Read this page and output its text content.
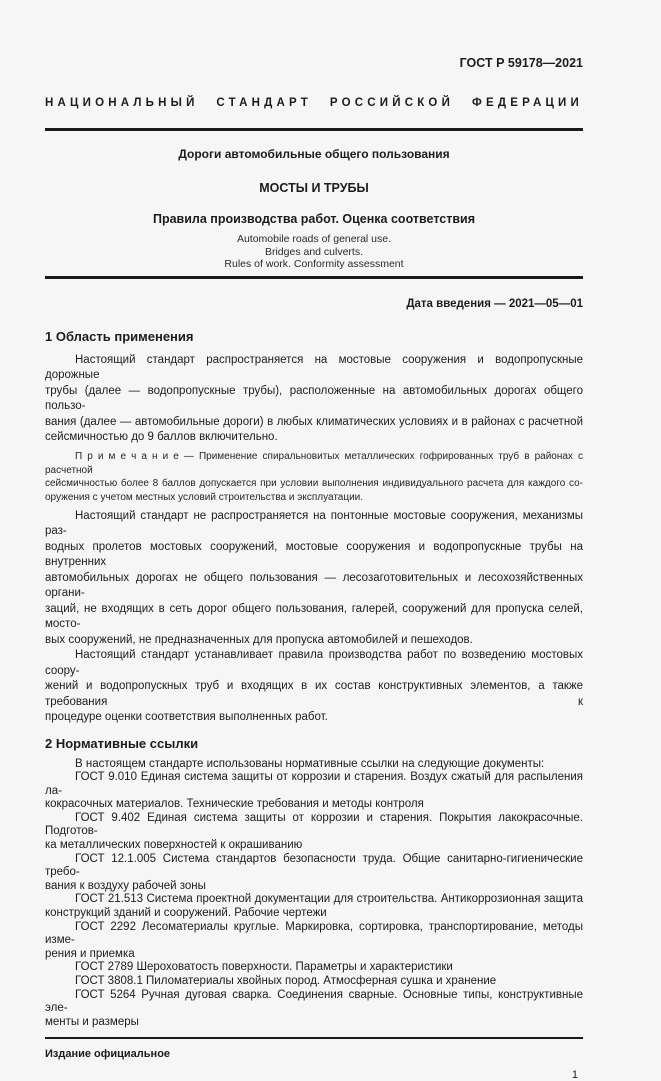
ГОСТ Р 59178—2021
НАЦИОНАЛЬНЫЙ СТАНДАРТ РОССИЙСКОЙ ФЕДЕРАЦИИ
Дороги автомобильные общего пользования
МОСТЫ И ТРУБЫ
Правила производства работ. Оценка соответствия
Automobile roads of general use.
Bridges and culverts.
Rules of work. Conformity assessment
Дата введения — 2021—05—01
1 Область применения
Настоящий стандарт распространяется на мостовые сооружения и водопропускные дорожные
трубы (далее — водопропускные трубы), расположенные на автомобильных дорогах общего пользо-
вания (далее — автомобильные дороги) в любых климатических условиях и в районах с расчетной
сейсмичностью до 9 баллов включительно.
П р и м е ч а н и е — Применение спиральновитых металлических гофрированных труб в районах с расчетной
сейсмичностью более 8 баллов допускается при условии выполнения индивидуального расчета для каждого со-
оружения с учетом местных условий строительства и эксплуатации.
Настоящий стандарт не распространяется на понтонные мостовые сооружения, механизмы раз-
водных пролетов мостовых сооружений, мостовые сооружения и водопропускные трубы на внутренних
автомобильных дорогах не общего пользования — лесозаготовительных и лесохозяйственных органи-
заций, не входящих в сеть дорог общего пользования, галерей, сооружений для пропуска селей, мосто-
вых сооружений, не предназначенных для пропуска автомобилей и пешеходов.
Настоящий стандарт устанавливает правила производства работ по возведению мостовых соору-
жений и водопропускных труб и входящих в их состав конструктивных элементов, а также требования к
процедуре оценки соответствия выполненных работ.
2 Нормативные ссылки
В настоящем стандарте использованы нормативные ссылки на следующие документы:
ГОСТ 9.010 Единая система защиты от коррозии и старения. Воздух сжатый для распыления ла-
кокрасочных материалов. Технические требования и методы контроля
ГОСТ 9.402 Единая система защиты от коррозии и старения. Покрытия лакокрасочные. Подготов-
ка металлических поверхностей к окрашиванию
ГОСТ 12.1.005 Система стандартов безопасности труда. Общие санитарно-гигиенические требо-
вания к воздуху рабочей зоны
ГОСТ 21.513 Система проектной документации для строительства. Антикоррозионная защита
конструкций зданий и сооружений. Рабочие чертежи
ГОСТ 2292 Лесоматериалы круглые. Маркировка, сортировка, транспортирование, методы изме-
рения и приемка
ГОСТ 2789 Шероховатость поверхности. Параметры и характеристики
ГОСТ 3808.1 Пиломатериалы хвойных пород. Атмосферная сушка и хранение
ГОСТ 5264 Ручная дуговая сварка. Соединения сварные. Основные типы, конструктивные эле-
менты и размеры
Издание официальное
1
